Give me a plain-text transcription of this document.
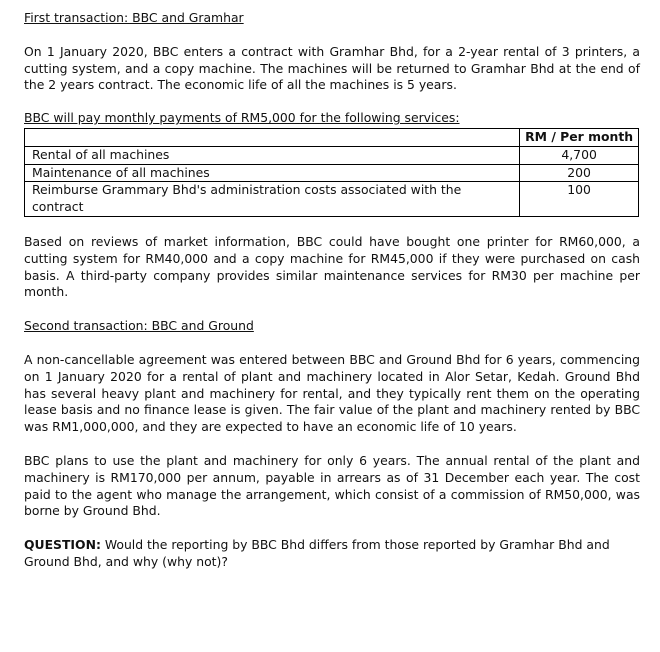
First transaction: BBC and Gramhar

On 1 January 2020, BBC enters a contract with Gramhar Bhd, for a 2-year rental of 3 printers, a cutting system, and a copy machine. The machines will be returned to Gramhar Bhd at the end of the 2 years contract. The economic life of all the machines is 5 years.

BBC will pay monthly payments of RM5,000 for the following services:

	RM / Per month
Rental of all machines	4,700
Maintenance of all machines	200
Reimburse Grammary Bhd's administration costs associated with the contract	100

Based on reviews of market information, BBC could have bought one printer for RM60,000, a cutting system for RM40,000 and a copy machine for RM45,000 if they were purchased on cash basis. A third-party company provides similar maintenance services for RM30 per machine per month.

Second transaction: BBC and Ground

A non-cancellable agreement was entered between BBC and Ground Bhd for 6 years, commencing on 1 January 2020 for a rental of plant and machinery located in Alor Setar, Kedah. Ground Bhd has several heavy plant and machinery for rental, and they typically rent them on the operating lease basis and no finance lease is given. The fair value of the plant and machinery rented by BBC was RM1,000,000, and they are expected to have an economic life of 10 years.

BBC plans to use the plant and machinery for only 6 years. The annual rental of the plant and machinery is RM170,000 per annum, payable in arrears as of 31 December each year. The cost paid to the agent who manage the arrangement, which consist of a commission of RM50,000, was borne by Ground Bhd.

QUESTION: Would the reporting by BBC Bhd differs from those reported by Gramhar Bhd and Ground Bhd, and why (why not)?
